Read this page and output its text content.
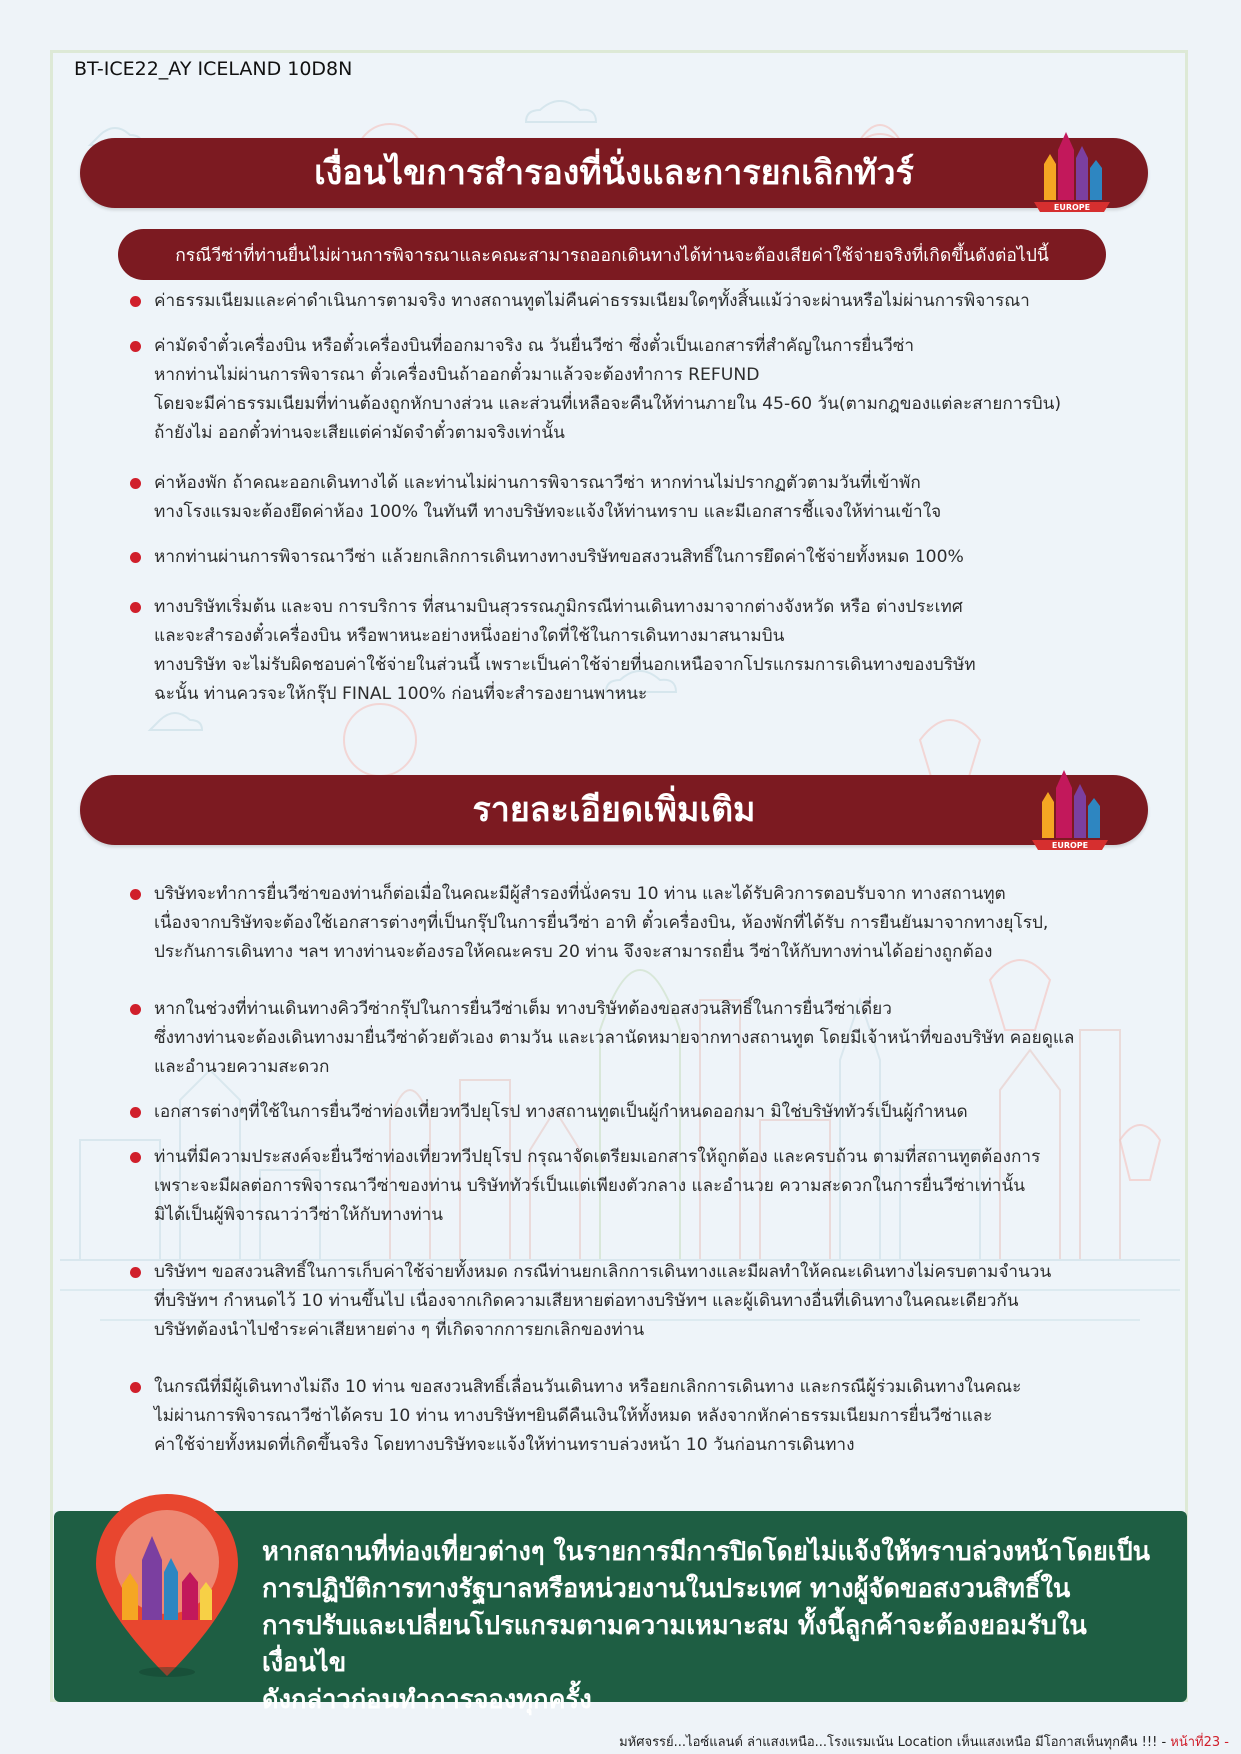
BT-ICE22_AY ICELAND 10D8N
เงื่อนไขการสำรองที่นั่งและการยกเลิกทัวร์
EUROPE
กรณีวีซ่าที่ท่านยื่นไม่ผ่านการพิจารณาและคณะสามารถออกเดินทางได้ท่านจะต้องเสียค่าใช้จ่ายจริงที่เกิดขึ้นดังต่อไปนี้
ค่าธรรมเนียมและค่าดำเนินการตามจริง ทางสถานทูตไม่คืนค่าธรรมเนียมใดๆทั้งสิ้นแม้ว่าจะผ่านหรือไม่ผ่านการพิจารณา
ค่ามัดจำตั๋วเครื่องบิน หรือตั๋วเครื่องบินที่ออกมาจริง ณ วันยื่นวีซ่า ซึ่งตั๋วเป็นเอกสารที่สำคัญในการยื่นวีซ่า
หากท่านไม่ผ่านการพิจารณา ตั๋วเครื่องบินถ้าออกตั๋วมาแล้วจะต้องทำการ REFUND
โดยจะมีค่าธรรมเนียมที่ท่านต้องถูกหักบางส่วน และส่วนที่เหลือจะคืนให้ท่านภายใน 45-60 วัน(ตามกฎของแต่ละสายการบิน)
ถ้ายังไม่ ออกตั๋วท่านจะเสียแต่ค่ามัดจำตั๋วตามจริงเท่านั้น
ค่าห้องพัก ถ้าคณะออกเดินทางได้ และท่านไม่ผ่านการพิจารณาวีซ่า หากท่านไม่ปรากฏตัวตามวันที่เข้าพัก
ทางโรงแรมจะต้องยึดค่าห้อง 100% ในทันที ทางบริษัทจะแจ้งให้ท่านทราบ และมีเอกสารชี้แจงให้ท่านเข้าใจ
หากท่านผ่านการพิจารณาวีซ่า แล้วยกเลิกการเดินทางทางบริษัทขอสงวนสิทธิ์ในการยึดค่าใช้จ่ายทั้งหมด 100%
ทางบริษัทเริ่มต้น และจบ การบริการ ที่สนามบินสุวรรณภูมิกรณีท่านเดินทางมาจากต่างจังหวัด หรือ ต่างประเทศ
และจะสำรองตั๋วเครื่องบิน หรือพาหนะอย่างหนึ่งอย่างใดที่ใช้ในการเดินทางมาสนามบิน
ทางบริษัท จะไม่รับผิดชอบค่าใช้จ่ายในส่วนนี้ เพราะเป็นค่าใช้จ่ายที่นอกเหนือจากโปรแกรมการเดินทางของบริษัท
ฉะนั้น ท่านควรจะให้กรุ๊ป FINAL 100% ก่อนที่จะสำรองยานพาหนะ
รายละเอียดเพิ่มเติม
EUROPE
บริษัทจะทำการยื่นวีซ่าของท่านก็ต่อเมื่อในคณะมีผู้สำรองที่นั่งครบ 10 ท่าน และได้รับคิวการตอบรับจาก ทางสถานทูต
เนื่องจากบริษัทจะต้องใช้เอกสารต่างๆที่เป็นกรุ๊ปในการยื่นวีซ่า อาทิ ตั๋วเครื่องบิน, ห้องพักที่ได้รับ การยืนยันมาจากทางยุโรป,
ประกันการเดินทาง ฯลฯ ทางท่านจะต้องรอให้คณะครบ 20 ท่าน จึงจะสามารถยื่น วีซ่าให้กับทางท่านได้อย่างถูกต้อง
หากในช่วงที่ท่านเดินทางคิววีซ่ากรุ๊ปในการยื่นวีซ่าเต็ม ทางบริษัทต้องขอสงวนสิทธิ์ในการยื่นวีซ่าเดี่ยว
ซึ่งทางท่านจะต้องเดินทางมายื่นวีซ่าด้วยตัวเอง ตามวัน และเวลานัดหมายจากทางสถานทูต โดยมีเจ้าหน้าที่ของบริษัท คอยดูแล
และอำนวยความสะดวก
เอกสารต่างๆที่ใช้ในการยื่นวีซ่าท่องเที่ยวทวีปยุโรป ทางสถานทูตเป็นผู้กำหนดออกมา มิใช่บริษัททัวร์เป็นผู้กำหนด
ท่านที่มีความประสงค์จะยื่นวีซ่าท่องเที่ยวทวีปยุโรป กรุณาจัดเตรียมเอกสารให้ถูกต้อง และครบถ้วน ตามที่สถานทูตต้องการ
เพราะจะมีผลต่อการพิจารณาวีซ่าของท่าน บริษัททัวร์เป็นแต่เพียงตัวกลาง และอำนวย ความสะดวกในการยื่นวีซ่าเท่านั้น
มิได้เป็นผู้พิจารณาว่าวีซ่าให้กับทางท่าน
บริษัทฯ ขอสงวนสิทธิ์ในการเก็บค่าใช้จ่ายทั้งหมด กรณีท่านยกเลิกการเดินทางและมีผลทำให้คณะเดินทางไม่ครบตามจำนวน
ที่บริษัทฯ กำหนดไว้ 10 ท่านขึ้นไป เนื่องจากเกิดความเสียหายต่อทางบริษัทฯ และผู้เดินทางอื่นที่เดินทางในคณะเดียวกัน
บริษัทต้องนำไปชำระค่าเสียหายต่าง ๆ ที่เกิดจากการยกเลิกของท่าน
ในกรณีที่มีผู้เดินทางไม่ถึง 10 ท่าน ขอสงวนสิทธิ์เลื่อนวันเดินทาง หรือยกเลิกการเดินทาง และกรณีผู้ร่วมเดินทางในคณะ
ไม่ผ่านการพิจารณาวีซ่าได้ครบ 10 ท่าน ทางบริษัทฯยินดีคืนเงินให้ทั้งหมด หลังจากหักค่าธรรมเนียมการยื่นวีซ่าและ
ค่าใช้จ่ายทั้งหมดที่เกิดขึ้นจริง โดยทางบริษัทจะแจ้งให้ท่านทราบล่วงหน้า 10 วันก่อนการเดินทาง
หากสถานที่ท่องเที่ยวต่างๆ ในรายการมีการปิดโดยไม่แจ้งให้ทราบล่วงหน้าโดยเป็น
การปฏิบัติการทางรัฐบาลหรือหน่วยงานในประเทศ ทางผู้จัดขอสงวนสิทธิ์ใน
การปรับและเปลี่ยนโปรแกรมตามความเหมาะสม ทั้งนี้ลูกค้าจะต้องยอมรับในเงื่อนไข
ดังกล่าวก่อนทำการจองทุกครั้ง
มหัศจรรย์...ไอซ์แลนด์ ล่าแสงเหนือ...โรงแรมเน้น Location เห็นแสงเหนือ มีโอกาสเห็นทุกคืน !!! - หน้าที่23 -
